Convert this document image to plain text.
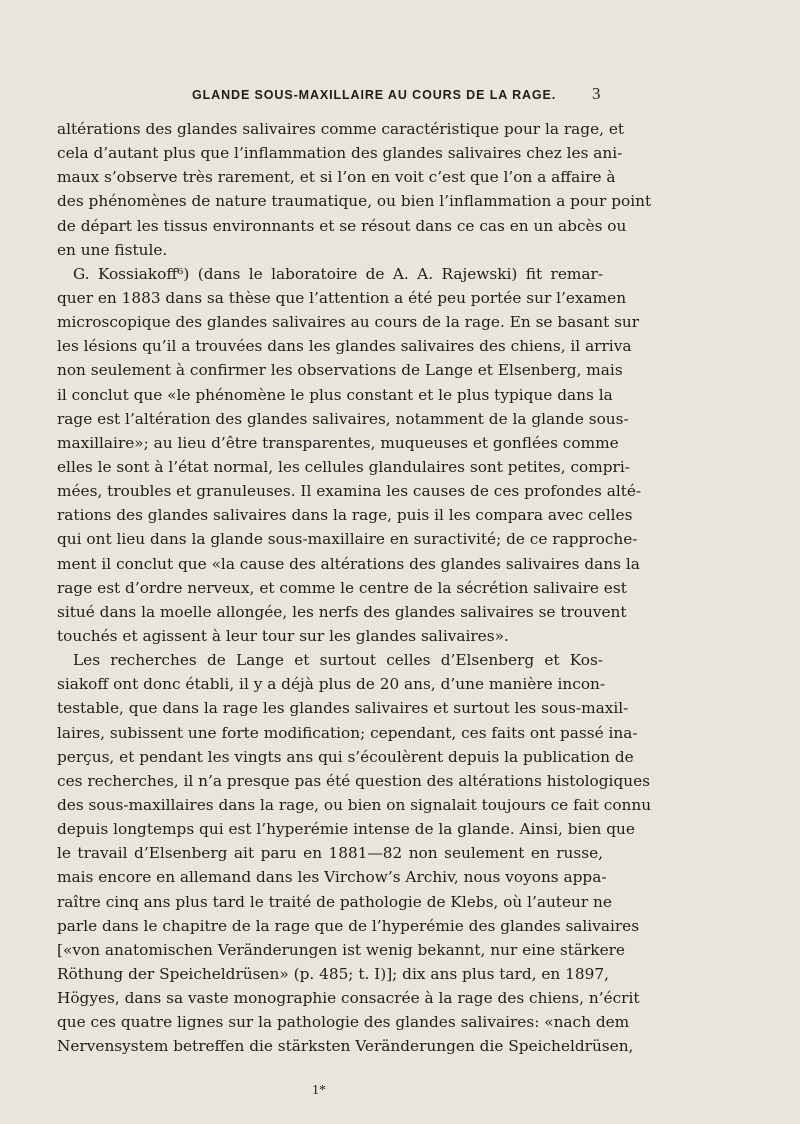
GLANDE SOUS-MAXILLAIRE AU COURS DE LA RAGE. 3
altérations des glandes salivaires comme caractéristique pour la rage, et
cela d’autant plus que l’inflammation des glandes salivaires chez les ani-
maux s’observe très rarement, et si l’on en voit c’est que l’on a affaire à
des phénomènes de nature traumatique, ou bien l’inflammation a pour point
de départ les tissus environnants et se résout dans ce cas en un abcès ou
en une fistule.
G. Kossiakoff⁶) (dans le laboratoire de A. A. Rajewski) fit remar-
quer en 1883 dans sa thèse que l’attention a été peu portée sur l’examen
microscopique des glandes salivaires au cours de la rage. En se basant sur
les lésions qu’il a trouvées dans les glandes salivaires des chiens, il arriva
non seulement à confirmer les observations de Lange et Elsenberg, mais
il conclut que «le phénomène le plus constant et le plus typique dans la
rage est l’altération des glandes salivaires, notamment de la glande sous-
maxillaire»; au lieu d’être transparentes, muqueuses et gonflées comme
elles le sont à l’état normal, les cellules glandulaires sont petites, compri-
mées, troubles et granuleuses. Il examina les causes de ces profondes alté-
rations des glandes salivaires dans la rage, puis il les compara avec celles
qui ont lieu dans la glande sous-maxillaire en suractivité; de ce rapproche-
ment il conclut que «la cause des altérations des glandes salivaires dans la
rage est d’ordre nerveux, et comme le centre de la sécrétion salivaire est
situé dans la moelle allongée, les nerfs des glandes salivaires se trouvent
touchés et agissent à leur tour sur les glandes salivaires».
Les recherches de Lange et surtout celles d’Elsenberg et Kos-
siakoff ont donc établi, il y a déjà plus de 20 ans, d’une manière incon-
testable, que dans la rage les glandes salivaires et surtout les sous-maxil-
laires, subissent une forte modification; cependant, ces faits ont passé ina-
perçus, et pendant les vingts ans qui s’écoulèrent depuis la publication de
ces recherches, il n’a presque pas été question des altérations histologiques
des sous-maxillaires dans la rage, ou bien on signalait toujours ce fait connu
depuis longtemps qui est l’hyperémie intense de la glande. Ainsi, bien que
le travail d’Elsenberg ait paru en 1881—82 non seulement en russe,
mais encore en allemand dans les Virchow’s Archiv, nous voyons appa-
raître cinq ans plus tard le traité de pathologie de Klebs, où l’auteur ne
parle dans le chapitre de la rage que de l’hyperémie des glandes salivaires
[«von anatomischen Veränderungen ist wenig bekannt, nur eine stärkere
Röthung der Speicheldrüsen» (p. 485; t. I)]; dix ans plus tard, en 1897,
Högyes, dans sa vaste monographie consacrée à la rage des chiens, n’écrit
que ces quatre lignes sur la pathologie des glandes salivaires: «nach dem
Nervensystem betreffen die stärksten Veränderungen die Speicheldrüsen,
1*
